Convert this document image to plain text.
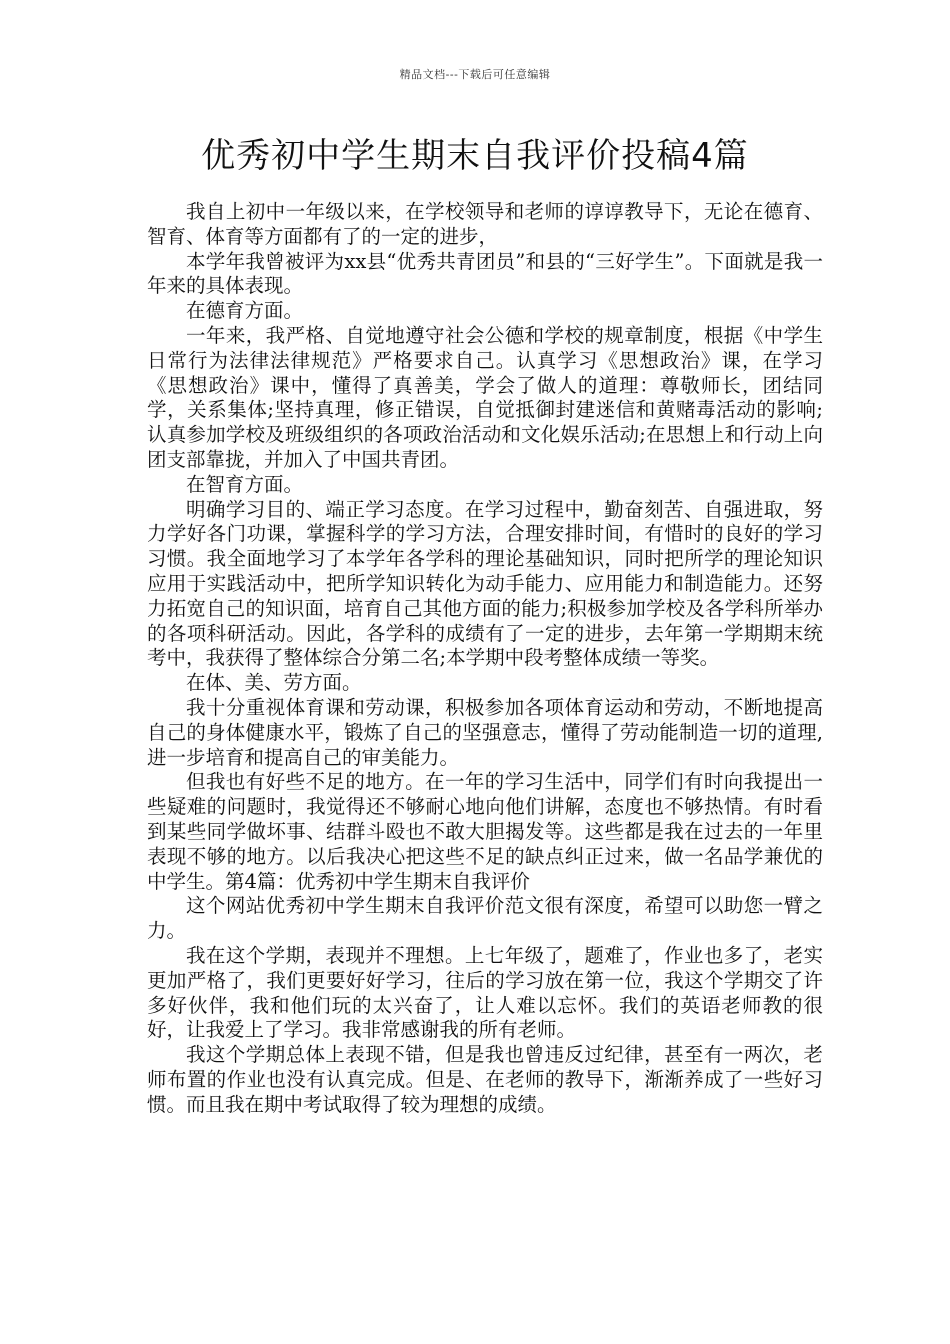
精品文档---下载后可任意编辑
优秀初中学生期末自我评价投稿4篇

我自上初中一年级以来，在学校领导和老师的谆谆教导下，无论在德育、智育、体育等方面都有了的一定的进步，

本学年我曾被评为xx县“优秀共青团员”和县的“三好学生”。下面就是我一年来的具体表现。

在德育方面。

一年来，我严格、自觉地遵守社会公德和学校的规章制度，根据《中学生日常行为法律法律规范》严格要求自己。认真学习《思想政治》课，在学习《思想政治》课中，懂得了真善美，学会了做人的道理：尊敬师长，团结同学，关系集体;坚持真理，修正错误，自觉抵御封建迷信和黄赌毒活动的影响;认真参加学校及班级组织的各项政治活动和文化娱乐活动;在思想上和行动上向团支部靠拢，并加入了中国共青团。

在智育方面。

明确学习目的、端正学习态度。在学习过程中，勤奋刻苦、自强进取，努力学好各门功课，掌握科学的学习方法，合理安排时间，有惜时的良好的学习习惯。我全面地学习了本学年各学科的理论基础知识，同时把所学的理论知识应用于实践活动中，把所学知识转化为动手能力、应用能力和制造能力。还努力拓宽自己的知识面，培育自己其他方面的能力;积极参加学校及各学科所举办的各项科研活动。因此，各学科的成绩有了一定的进步，去年第一学期期末统考中，我获得了整体综合分第二名;本学期中段考整体成绩一等奖。

在体、美、劳方面。

我十分重视体育课和劳动课，积极参加各项体育运动和劳动，不断地提高自己的身体健康水平，锻炼了自己的坚强意志，懂得了劳动能制造一切的道理,进一步培育和提高自己的审美能力。

但我也有好些不足的地方。在一年的学习生活中，同学们有时向我提出一些疑难的问题时，我觉得还不够耐心地向他们讲解，态度也不够热情。有时看到某些同学做坏事、结群斗殴也不敢大胆揭发等。这些都是我在过去的一年里表现不够的地方。以后我决心把这些不足的缺点纠正过来，做一名品学兼优的中学生。第4篇：优秀初中学生期末自我评价

这个网站优秀初中学生期末自我评价范文很有深度，希望可以助您一臂之力。

我在这个学期，表现并不理想。上七年级了，题难了，作业也多了，老实更加严格了，我们更要好好学习，往后的学习放在第一位，我这个学期交了许多好伙伴，我和他们玩的太兴奋了，让人难以忘怀。我们的英语老师教的很好，让我爱上了学习。我非常感谢我的所有老师。

我这个学期总体上表现不错，但是我也曾违反过纪律，甚至有一两次，老师布置的作业也没有认真完成。但是、在老师的教导下，渐渐养成了一些好习惯。而且我在期中考试取得了较为理想的成绩。
